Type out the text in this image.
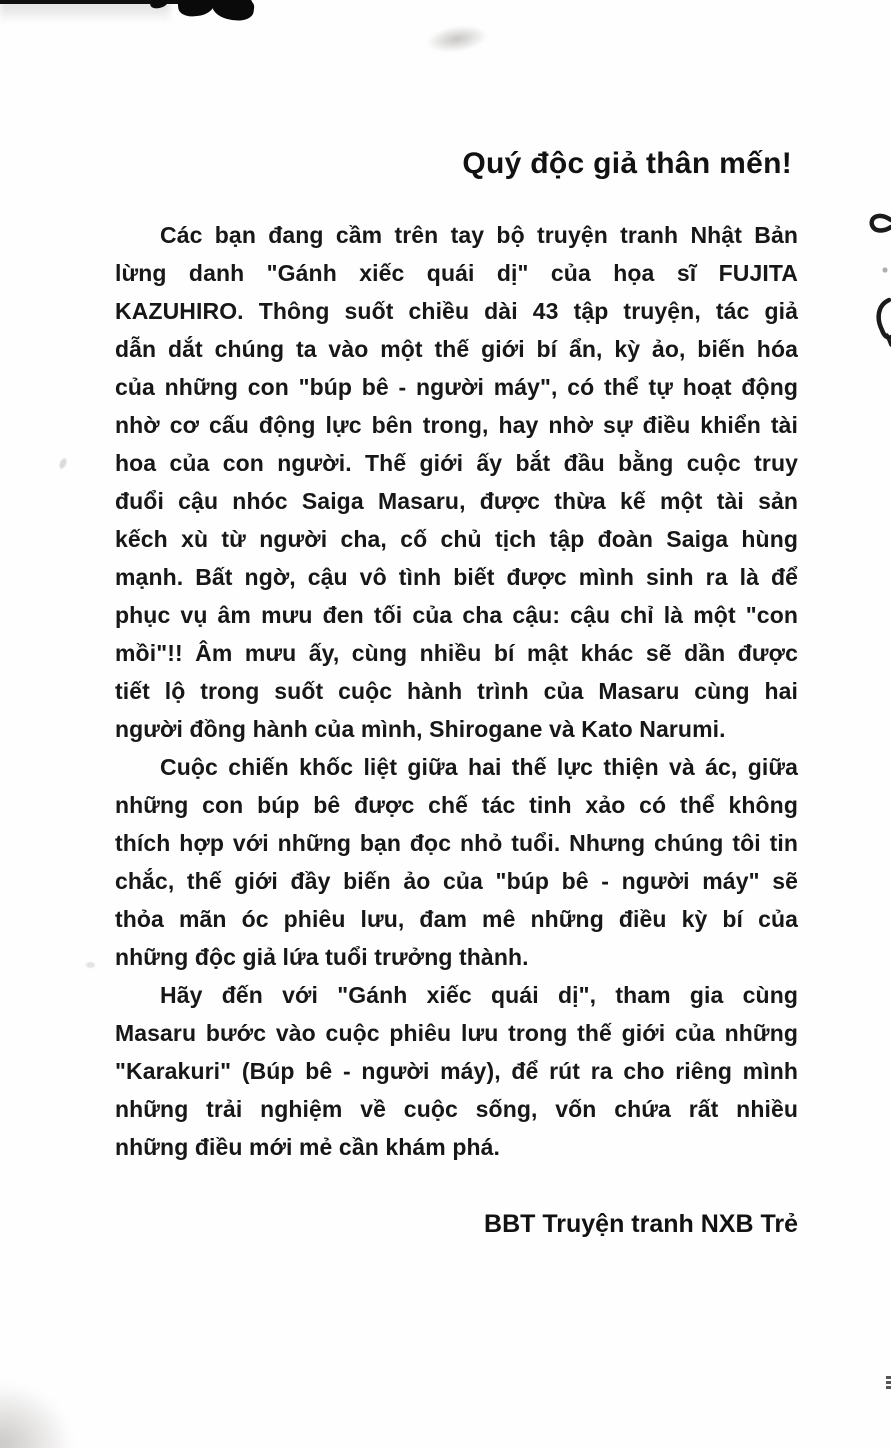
Quý độc giả thân mến!
Các bạn đang cầm trên tay bộ truyện tranh Nhật Bản
lừng danh "Gánh xiếc quái dị" của họa sĩ FUJITA
KAZUHIRO. Thông suốt chiều dài 43 tập truyện, tác giả
dẫn dắt chúng ta vào một thế giới bí ẩn, kỳ ảo, biến hóa
của những con "búp bê - người máy", có thể tự hoạt động
nhờ cơ cấu động lực bên trong, hay nhờ sự điều khiển tài
hoa của con người. Thế giới ấy bắt đầu bằng cuộc truy
đuổi cậu nhóc Saiga Masaru, được thừa kế một tài sản
kếch xù từ người cha, cố chủ tịch tập đoàn Saiga hùng
mạnh. Bất ngờ, cậu vô tình biết được mình sinh ra là để
phục vụ âm mưu đen tối của cha cậu: cậu chỉ là một "con
mồi"!! Âm mưu ấy, cùng nhiều bí mật khác sẽ dần được
tiết lộ trong suốt cuộc hành trình của Masaru cùng hai
người đồng hành của mình, Shirogane và Kato Narumi.
Cuộc chiến khốc liệt giữa hai thế lực thiện và ác, giữa
những con búp bê được chế tác tinh xảo có thể không
thích hợp với những bạn đọc nhỏ tuổi. Nhưng chúng tôi tin
chắc, thế giới đầy biến ảo của "búp bê - người máy" sẽ
thỏa mãn óc phiêu lưu, đam mê những điều kỳ bí của
những độc giả lứa tuổi trưởng thành.
Hãy đến với "Gánh xiếc quái dị", tham gia cùng
Masaru bước vào cuộc phiêu lưu trong thế giới của những
"Karakuri" (Búp bê - người máy), để rút ra cho riêng mình
những trải nghiệm về cuộc sống, vốn chứa rất nhiều
những điều mới mẻ cần khám phá.
BBT Truyện tranh NXB Trẻ
